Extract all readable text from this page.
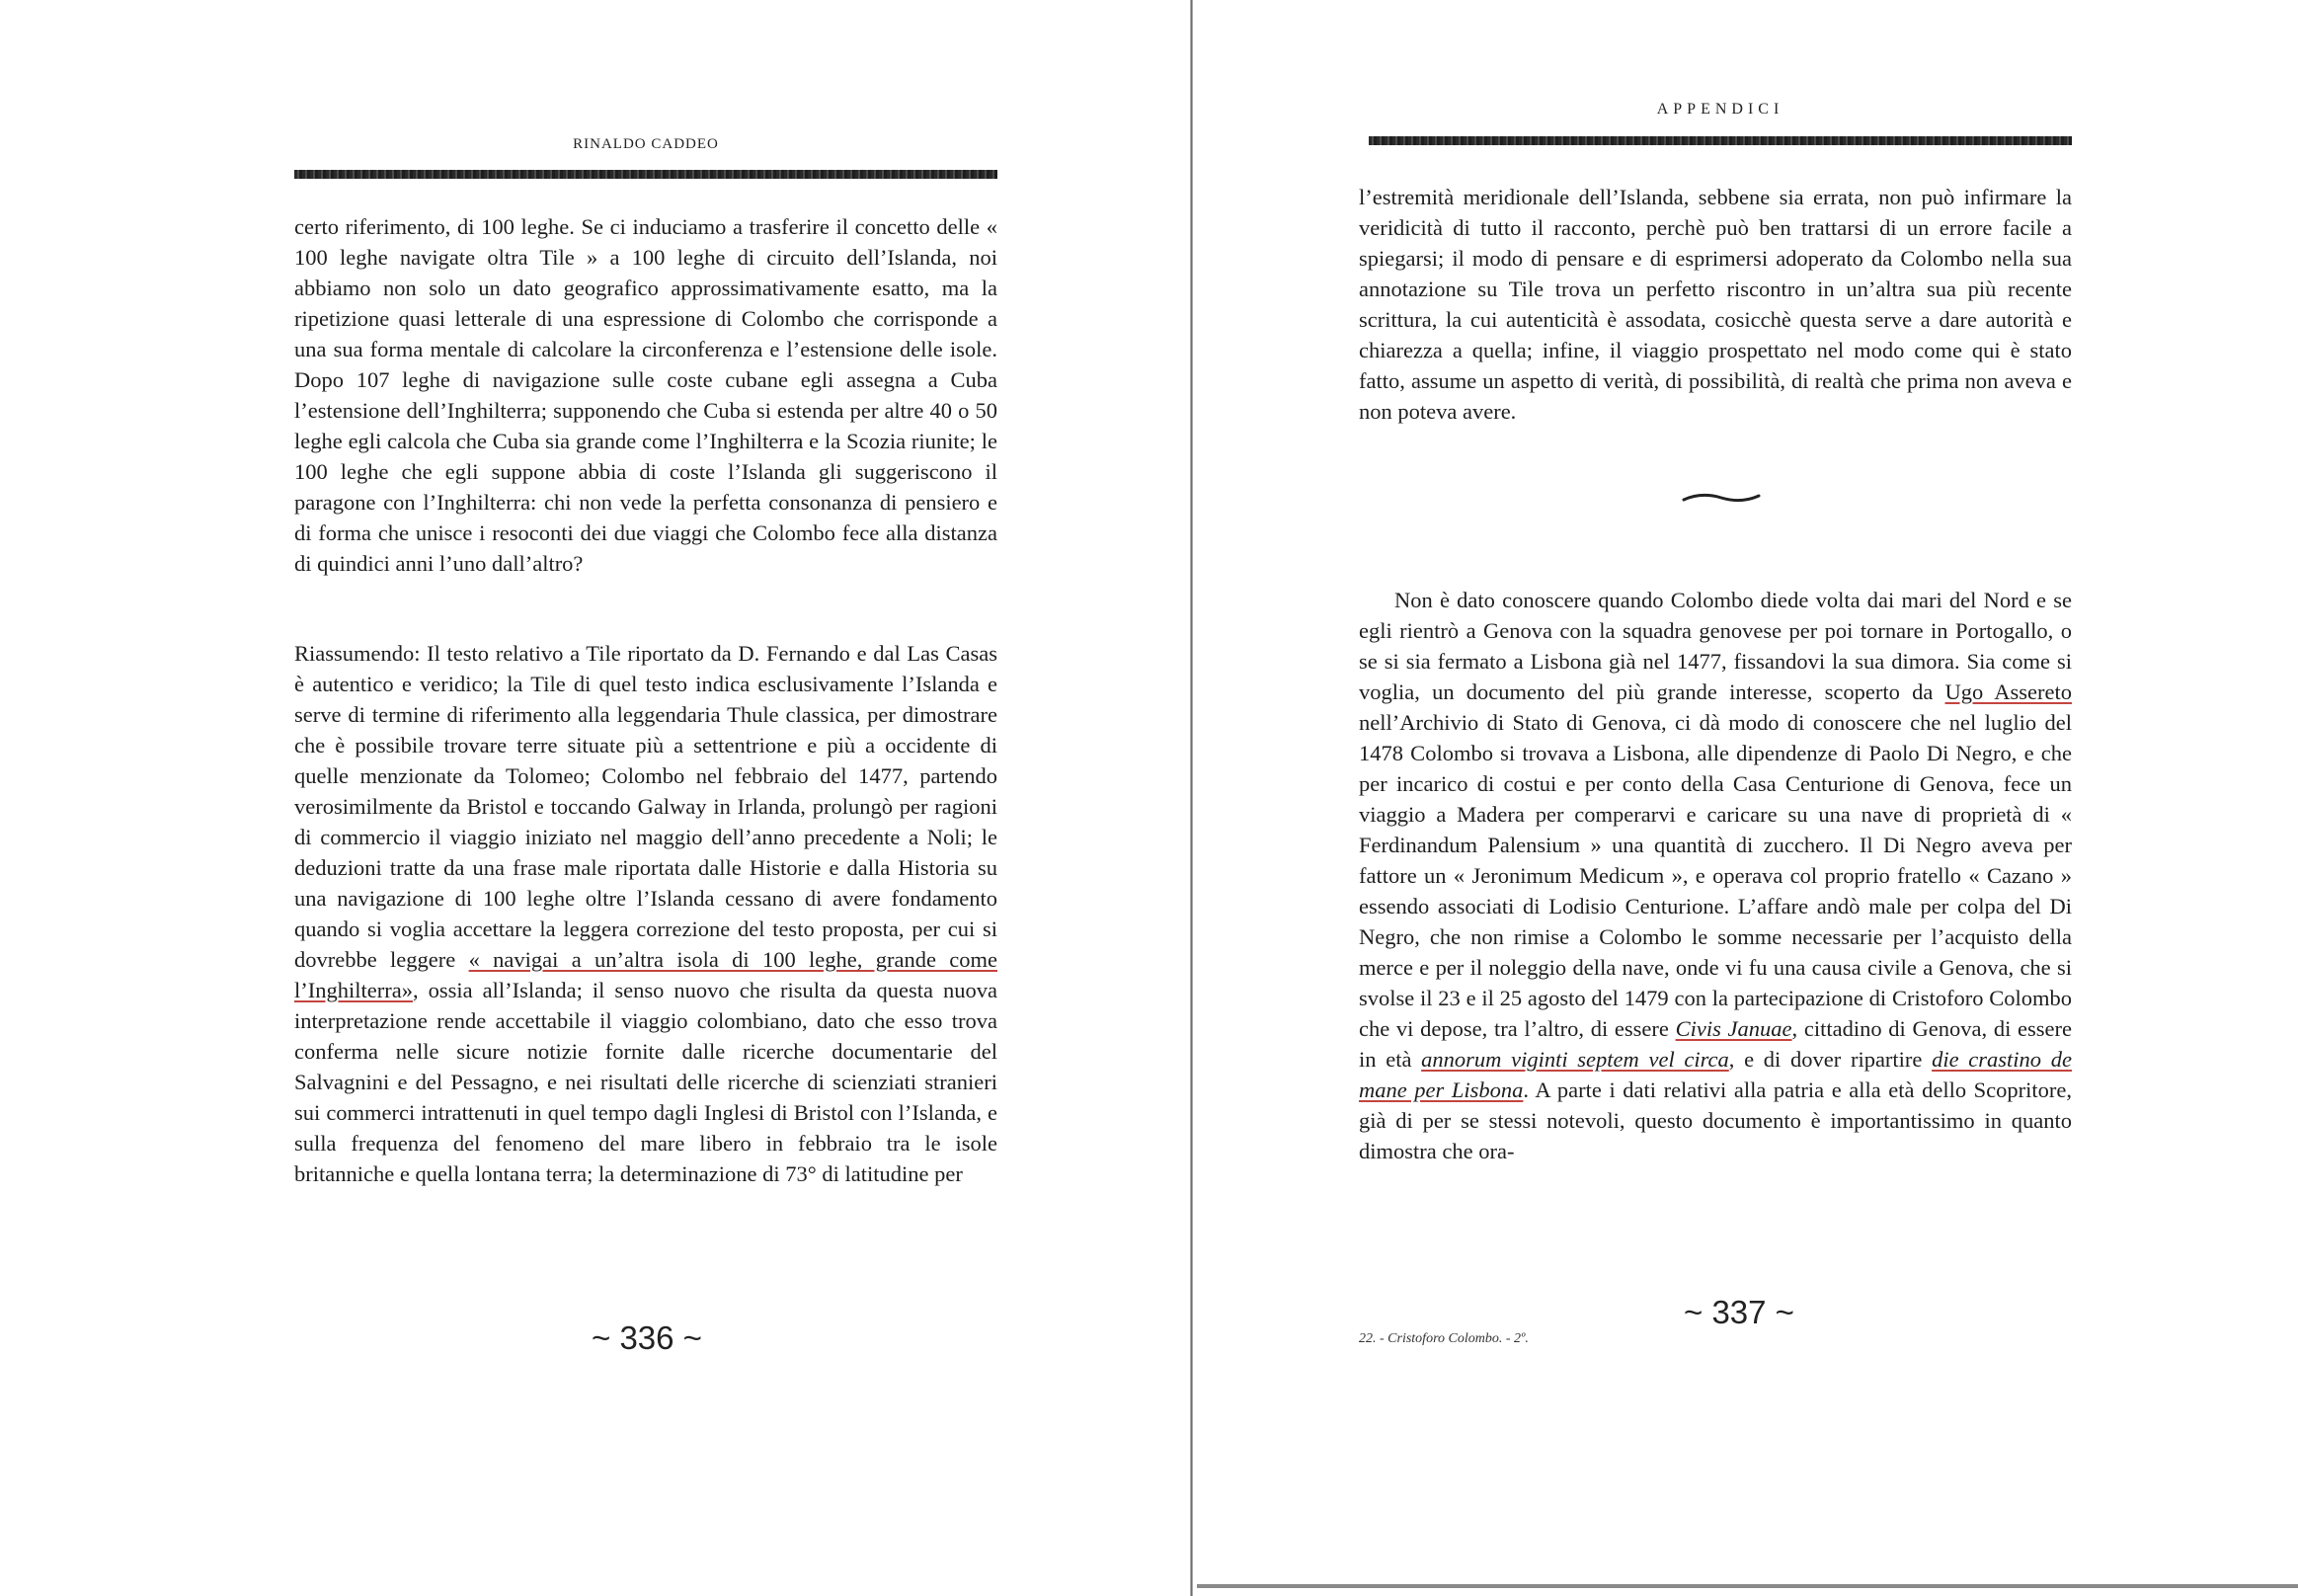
RINALDO CADDEO

certo riferimento, di 100 leghe. Se ci induciamo a trasferire il concetto delle « 100 leghe navigate oltra Tile » a 100 leghe di circuito dell’Islanda, noi abbiamo non solo un dato geografico approssimativamente esatto, ma la ripetizione quasi letterale di una espressione di Colombo che corrisponde a una sua forma mentale di calcolare la circonferenza e l’estensione delle isole. Dopo 107 leghe di navigazione sulle coste cubane egli assegna a Cuba l’estensione dell’Inghilterra; supponendo che Cuba si estenda per altre 40 o 50 leghe egli calcola che Cuba sia grande come l’Inghilterra e la Scozia riunite; le 100 leghe che egli suppone abbia di coste l’Islanda gli suggeriscono il paragone con l’Inghilterra: chi non vede la perfetta consonanza di pensiero e di forma che unisce i resoconti dei due viaggi che Colombo fece alla distanza di quindici anni l’uno dall’altro?

Riassumendo: Il testo relativo a Tile riportato da D. Fernando e dal Las Casas è autentico e veridico; la Tile di quel testo indica esclusivamente l’Islanda e serve di termine di riferimento alla leggendaria Thule classica, per dimostrare che è possibile trovare terre situate più a settentrione e più a occidente di quelle menzionate da Tolomeo; Colombo nel febbraio del 1477, partendo verosimilmente da Bristol e toccando Galway in Irlanda, prolungò per ragioni di commercio il viaggio iniziato nel maggio dell’anno precedente a Noli; le deduzioni tratte da una frase male riportata dalle Historie e dalla Historia su una navigazione di 100 leghe oltre l’Islanda cessano di avere fondamento quando si voglia accettare la leggera correzione del testo proposta, per cui si dovrebbe leggere « navigai a un’altra isola di 100 leghe, grande come l’Inghilterra», ossia all’Islanda; il senso nuovo che risulta da questa nuova interpretazione rende accettabile il viaggio colombiano, dato che esso trova conferma nelle sicure notizie fornite dalle ricerche documentarie del Salvagnini e del Pessagno, e nei risultati delle ricerche di scienziati stranieri sui commerci intrattenuti in quel tempo dagli Inglesi di Bristol con l’Islanda, e sulla frequenza del fenomeno del mare libero in febbraio tra le isole britanniche e quella lontana terra; la determinazione di 73° di latitudine per

~ 336 ~
APPENDICI

l’estremità meridionale dell’Islanda, sebbene sia errata, non può infirmare la veridicità di tutto il racconto, perchè può ben trattarsi di un errore facile a spiegarsi; il modo di pensare e di esprimersi adoperato da Colombo nella sua annotazione su Tile trova un perfetto riscontro in un’altra sua più recente scrittura, la cui autenticità è assodata, cosicchè questa serve a dare autorità e chiarezza a quella; infine, il viaggio prospettato nel modo come qui è stato fatto, assume un aspetto di verità, di possibilità, di realtà che prima non aveva e non poteva avere.

Non è dato conoscere quando Colombo diede volta dai mari del Nord e se egli rientrò a Genova con la squadra genovese per poi tornare in Portogallo, o se si sia fermato a Lisbona già nel 1477, fissandovi la sua dimora. Sia come si voglia, un documento del più grande interesse, scoperto da Ugo Assereto nell’Archivio di Stato di Genova, ci dà modo di conoscere che nel luglio del 1478 Colombo si trovava a Lisbona, alle dipendenze di Paolo Di Negro, e che per incarico di costui e per conto della Casa Centurione di Genova, fece un viaggio a Madera per comperarvi e caricare su una nave di proprietà di « Ferdinandum Palensium » una quantità di zucchero. Il Di Negro aveva per fattore un « Jeronimum Medicum », e operava col proprio fratello « Cazano » essendo associati di Lodisio Centurione. L’affare andò male per colpa del Di Negro, che non rimise a Colombo le somme necessarie per l’acquisto della merce e per il noleggio della nave, onde vi fu una causa civile a Genova, che si svolse il 23 e il 25 agosto del 1479 con la partecipazione di Cristoforo Colombo che vi depose, tra l’altro, di essere Civis Januae, cittadino di Genova, di essere in età annorum viginti septem vel circa, e di dover ripartire die crastino de mane per Lisbona. A parte i dati relativi alla patria e alla età dello Scopritore, già di per se stessi notevoli, questo documento è importantissimo in quanto dimostra che ora-

~ 337 ~
22. - Cristoforo Colombo. - 2º.
